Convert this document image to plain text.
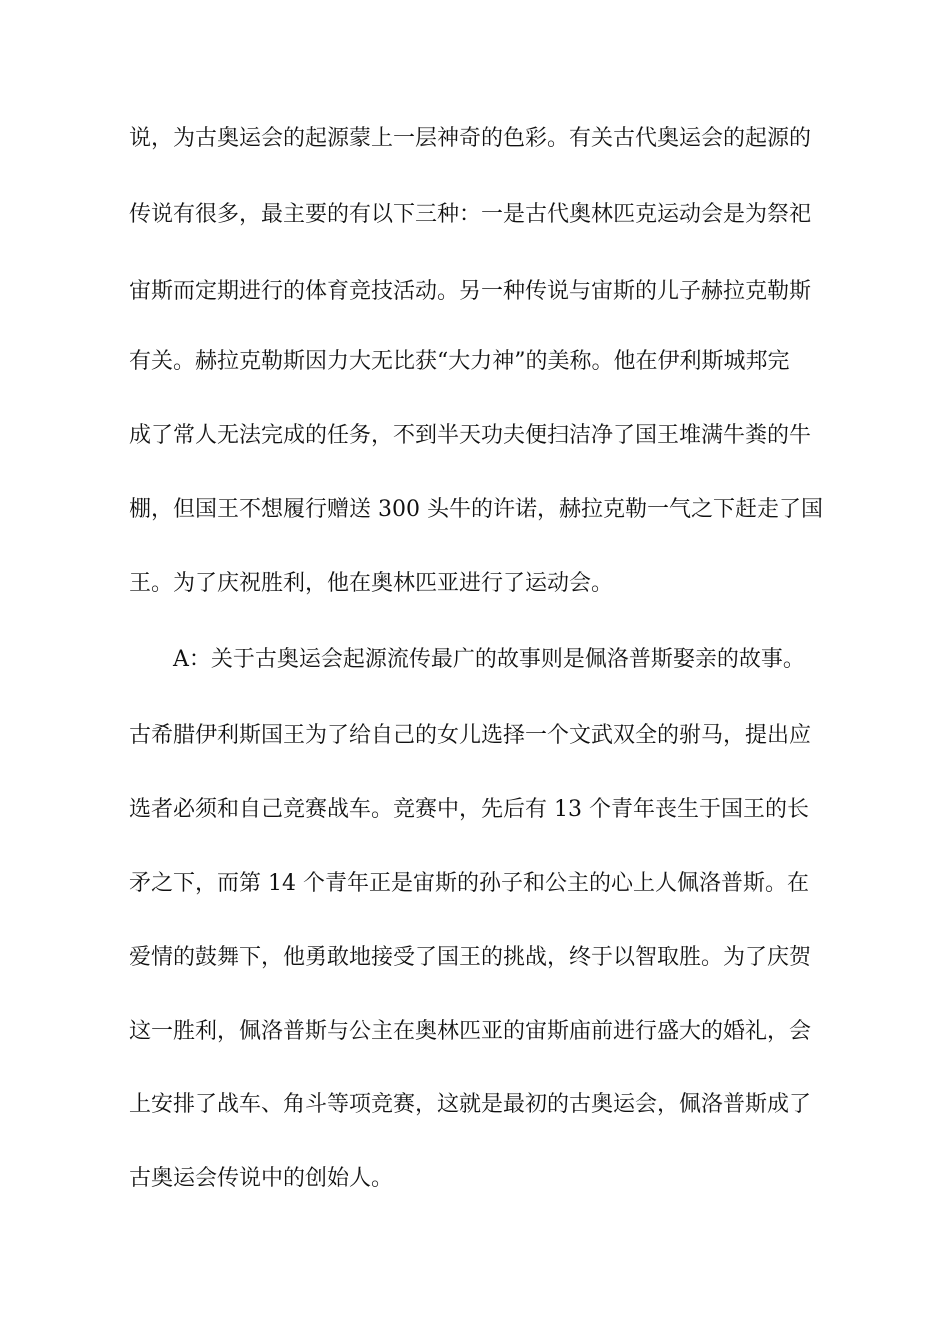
说，为古奥运会的起源蒙上一层神奇的色彩。有关古代奥运会的起源的
传说有很多，最主要的有以下三种：一是古代奥林匹克运动会是为祭祀
宙斯而定期进行的体育竞技活动。另一种传说与宙斯的儿子赫拉克勒斯
有关。赫拉克勒斯因力大无比获“大力神”的美称。他在伊利斯城邦完
成了常人无法完成的任务，不到半天功夫便扫洁净了国王堆满牛粪的牛
棚，但国王不想履行赠送 300 头牛的许诺，赫拉克勒一气之下赶走了国
王。为了庆祝胜利，他在奥林匹亚进行了运动会。
A：关于古奥运会起源流传最广的故事则是佩洛普斯娶亲的故事。
古希腊伊利斯国王为了给自己的女儿选择一个文武双全的驸马，提出应
选者必须和自己竞赛战车。竞赛中，先后有 13 个青年丧生于国王的长
矛之下，而第 14 个青年正是宙斯的孙子和公主的心上人佩洛普斯。在
爱情的鼓舞下，他勇敢地接受了国王的挑战，终于以智取胜。为了庆贺
这一胜利，佩洛普斯与公主在奥林匹亚的宙斯庙前进行盛大的婚礼，会
上安排了战车、角斗等项竞赛，这就是最初的古奥运会，佩洛普斯成了
古奥运会传说中的创始人。
